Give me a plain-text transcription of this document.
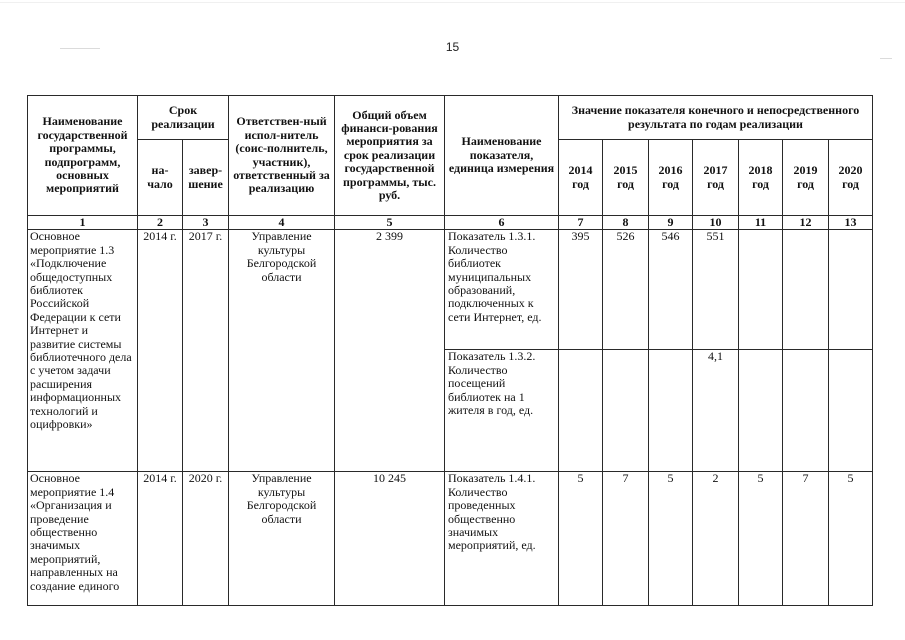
15
Наименование государственной программы, подпрограмм, основных мероприятий	Срок реализации		Ответствен-ный испол-нитель (соис-полнитель, участник), ответственный за реализацию	Общий объем финанси-рования мероприятия за срок реализации государственной программы, тыс. руб.	Наименование показателя, единица измерения	Значение показателя конечного и непосредственного результата по годам реализации						
	на-чало	завер-шение				2014 год	2015 год	2016 год	2017 год	2018 год	2019 год	2020 год
1	2	3	4	5	6	7	8	9	10	11	12	13
Основное мероприятие 1.3 «Подключение общедоступных библиотек Российской Федерации к сети Интернет и развитие системы библиотечного дела с учетом задачи расширения информационных технологий и оцифровки»	2014 г.	2017 г.	Управление культуры Белгородской области	2 399	Показатель 1.3.1. Количество библиотек муниципальных образований, подключенных к сети Интернет, ед.	395	526	546	551			
					Показатель 1.3.2. Количество посещений библиотек на 1 жителя в год, ед.				4,1			
Основное мероприятие 1.4 «Организация и проведение общественно значимых мероприятий, направленных на создание единого	2014 г.	2020 г.	Управление культуры Белгородской области	10 245	Показатель 1.4.1. Количество проведенных общественно значимых мероприятий, ед.	5	7	5	2	5	7	5
